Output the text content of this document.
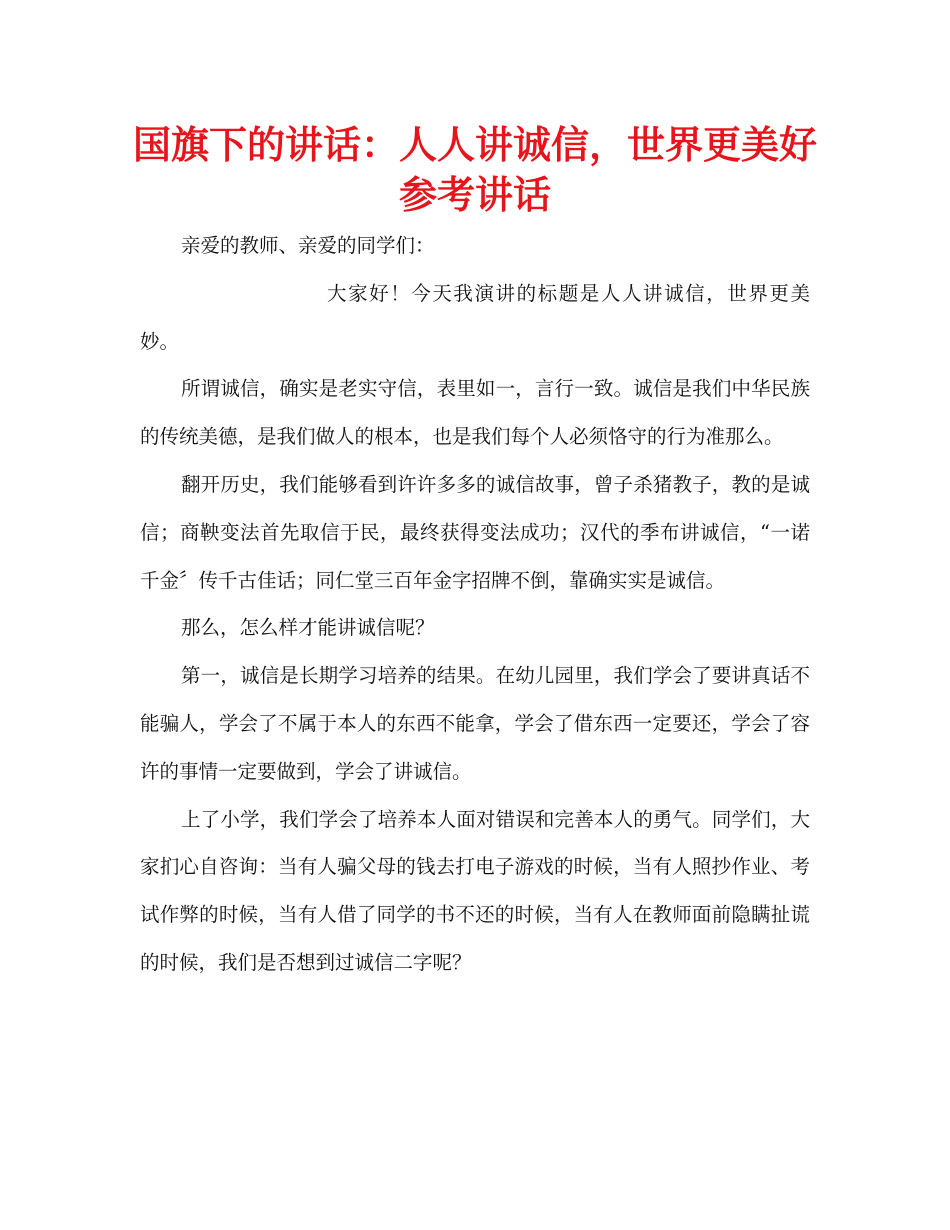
国旗下的讲话：人人讲诚信，世界更美好
参考讲话

亲爱的教师、亲爱的同学们：

大家好！今天我演讲的标题是人人讲诚信，世界更美妙。

所谓诚信，确实是老实守信，表里如一，言行一致。诚信是我们中华民族的传统美德，是我们做人的根本，也是我们每个人必须恪守的行为准那么。

翻开历史，我们能够看到许许多多的诚信故事，曾子杀猪教子，教的是诚信；商鞅变法首先取信于民，最终获得变法成功；汉代的季布讲诚信，“一诺千金〞传千古佳话；同仁堂三百年金字招牌不倒，靠确实实是诚信。

那么，怎么样才能讲诚信呢？

第一，诚信是长期学习培养的结果。在幼儿园里，我们学会了要讲真话不能骗人，学会了不属于本人的东西不能拿，学会了借东西一定要还，学会了容许的事情一定要做到，学会了讲诚信。

上了小学，我们学会了培养本人面对错误和完善本人的勇气。同学们，大家扪心自咨询：当有人骗父母的钱去打电子游戏的时候，当有人照抄作业、考试作弊的时候，当有人借了同学的书不还的时候，当有人在教师面前隐瞒扯谎的时候，我们是否想到过诚信二字呢？
